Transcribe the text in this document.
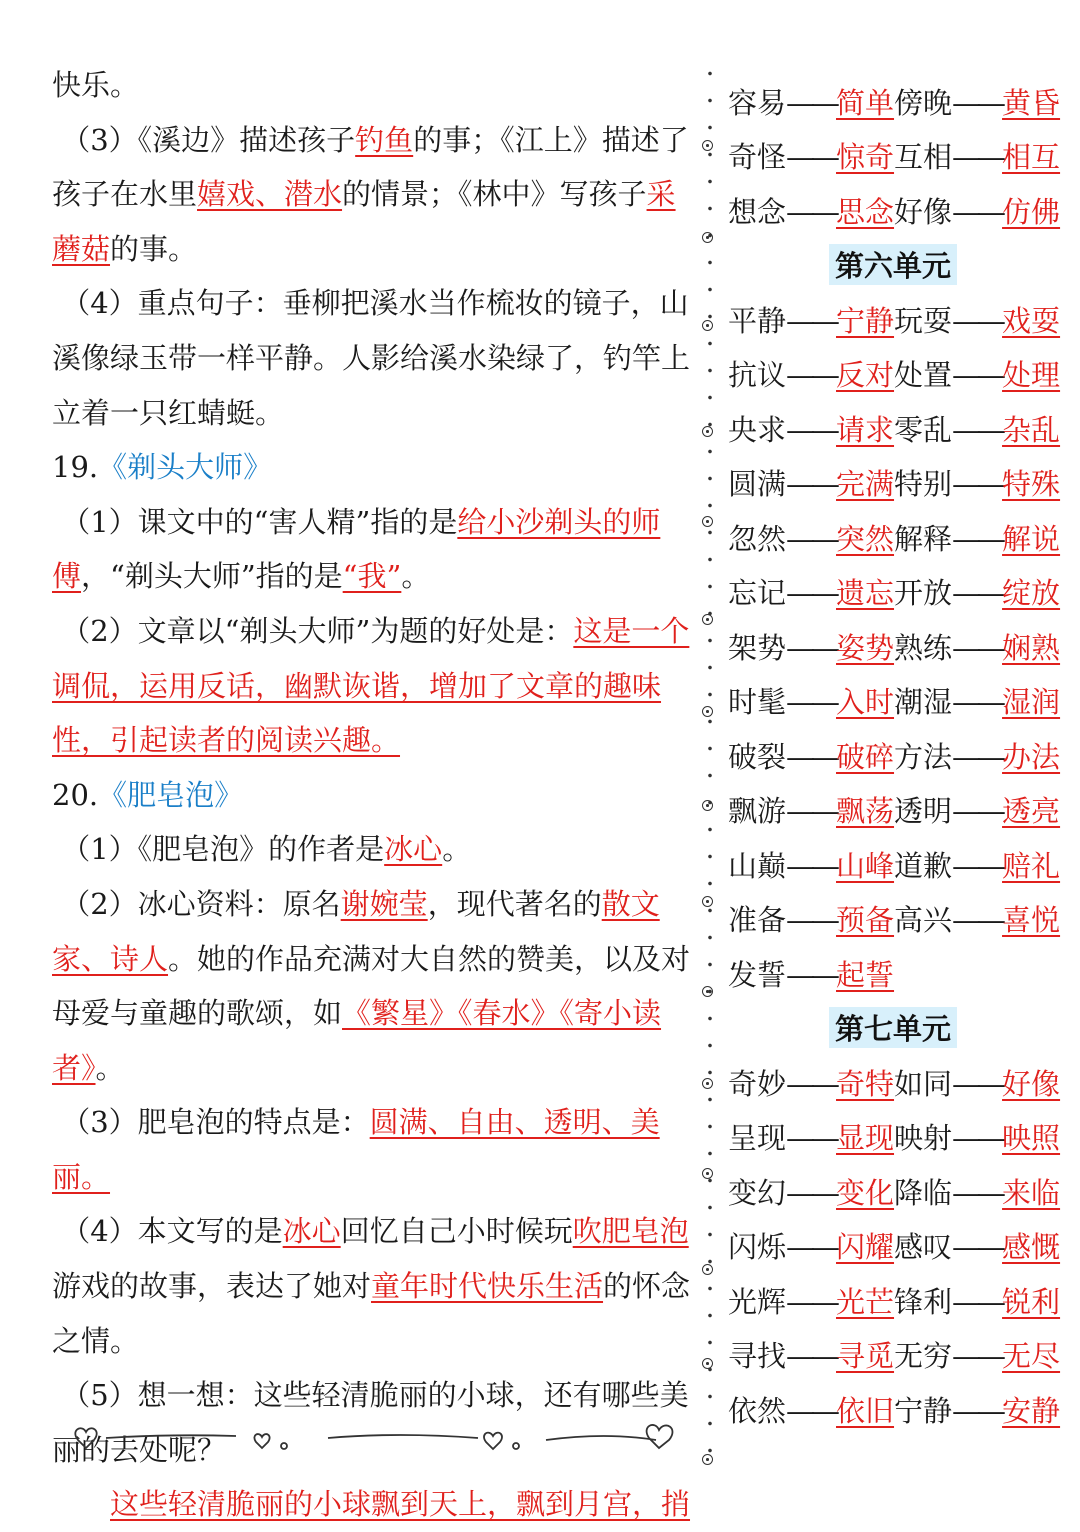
快乐。

（3）《溪边》描述孩子钓鱼的事；《江上》描述了孩子在水里嬉戏、潜水的情景；《林中》写孩子采蘑菇的事。

（4）重点句子：垂柳把溪水当作梳妆的镜子，山溪像绿玉带一样平静。人影给溪水染绿了，钓竿上立着一只红蜻蜓。

19.《剃头大师》

（1）课文中的“害人精”指的是给小沙剃头的师傅，“剃头大师”指的是“我”。

（2）文章以“剃头大师”为题的好处是：这是一个调侃，运用反话，幽默诙谐，增加了文章的趣味性，引起读者的阅读兴趣。

20.《肥皂泡》

（1）《肥皂泡》的作者是冰心。

（2）冰心资料：原名谢婉莹，现代著名的散文家、诗人。她的作品充满对大自然的赞美，以及对母爱与童趣的歌颂，如《繁星》《春水》《寄小读者》。

（3）肥皂泡的特点是：圆满、自由、透明、美丽。

（4）本文写的是冰心回忆自己小时候玩吹肥皂泡游戏的故事，表达了她对童年时代快乐生活的怀念之情。

（5）想一想：这些轻清脆丽的小球，还有哪些美丽的去处呢？

这些轻清脆丽的小球飘到天上，飘到月宫，捎

容易——简单 傍晚——黄昏
奇怪——惊奇 互相——相互
想念——思念 好像——仿佛
第六单元
平静——宁静 玩耍——戏耍
抗议——反对 处置——处理
央求——请求 零乱——杂乱
圆满——完满 特别——特殊
忽然——突然 解释——解说
忘记——遗忘 开放——绽放
架势——姿势 熟练——娴熟
时髦——入时 潮湿——湿润
破裂——破碎 方法——办法
飘游——飘荡 透明——透亮
山巅——山峰 道歉——赔礼
准备——预备 高兴——喜悦
发誓——起誓
第七单元
奇妙——奇特 如同——好像
呈现——显现 映射——映照
变幻——变化 降临——来临
闪烁——闪耀 感叹——感慨
光辉——光芒 锋利——锐利
寻找——寻觅 无穷——无尽
依然——依旧 宁静——安静
